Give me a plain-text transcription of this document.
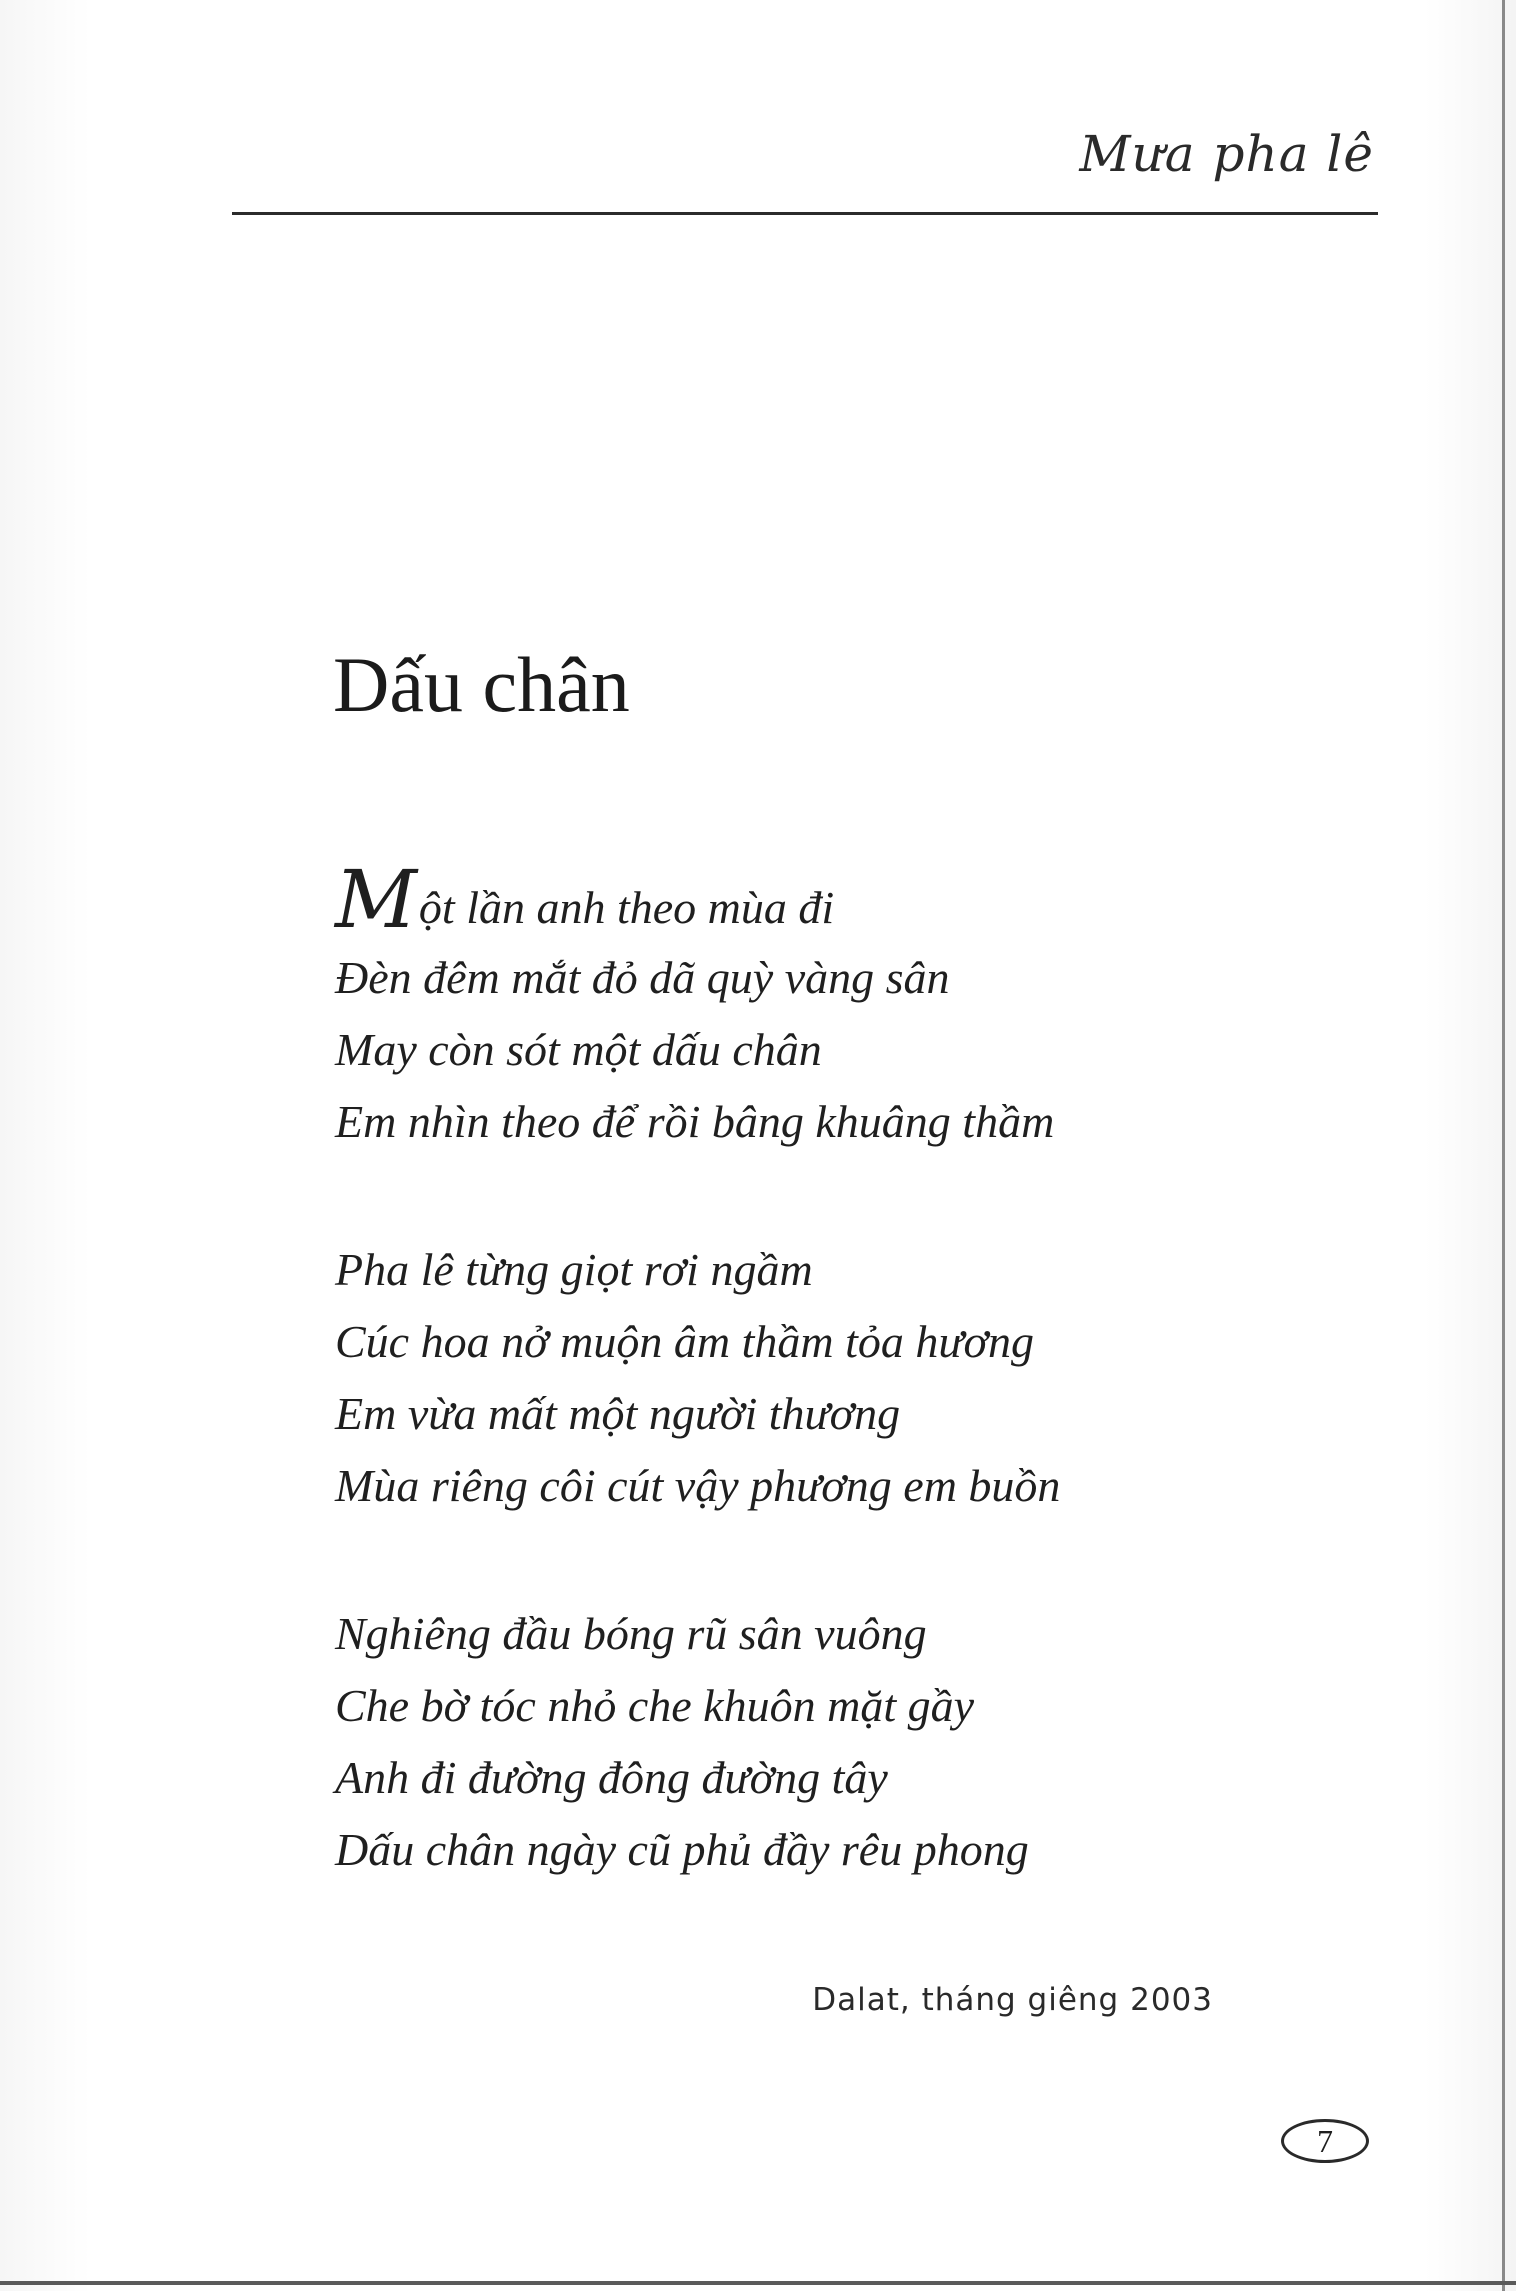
Mưa pha lê
Dấu chân
Một lần anh theo mùa đi
Đèn đêm mắt đỏ dã quỳ vàng sân
May còn sót một dấu chân
Em nhìn theo để rồi bâng khuâng thầm
Pha lê từng giọt rơi ngầm
Cúc hoa nở muộn âm thầm tỏa hương
Em vừa mất một người thương
Mùa riêng côi cút vậy phương em buồn
Nghiêng đầu bóng rũ sân vuông
Che bờ tóc nhỏ che khuôn mặt gầy
Anh đi đường đông đường tây
Dấu chân ngày cũ phủ đầy rêu phong
Dalat, tháng giêng 2003
7
